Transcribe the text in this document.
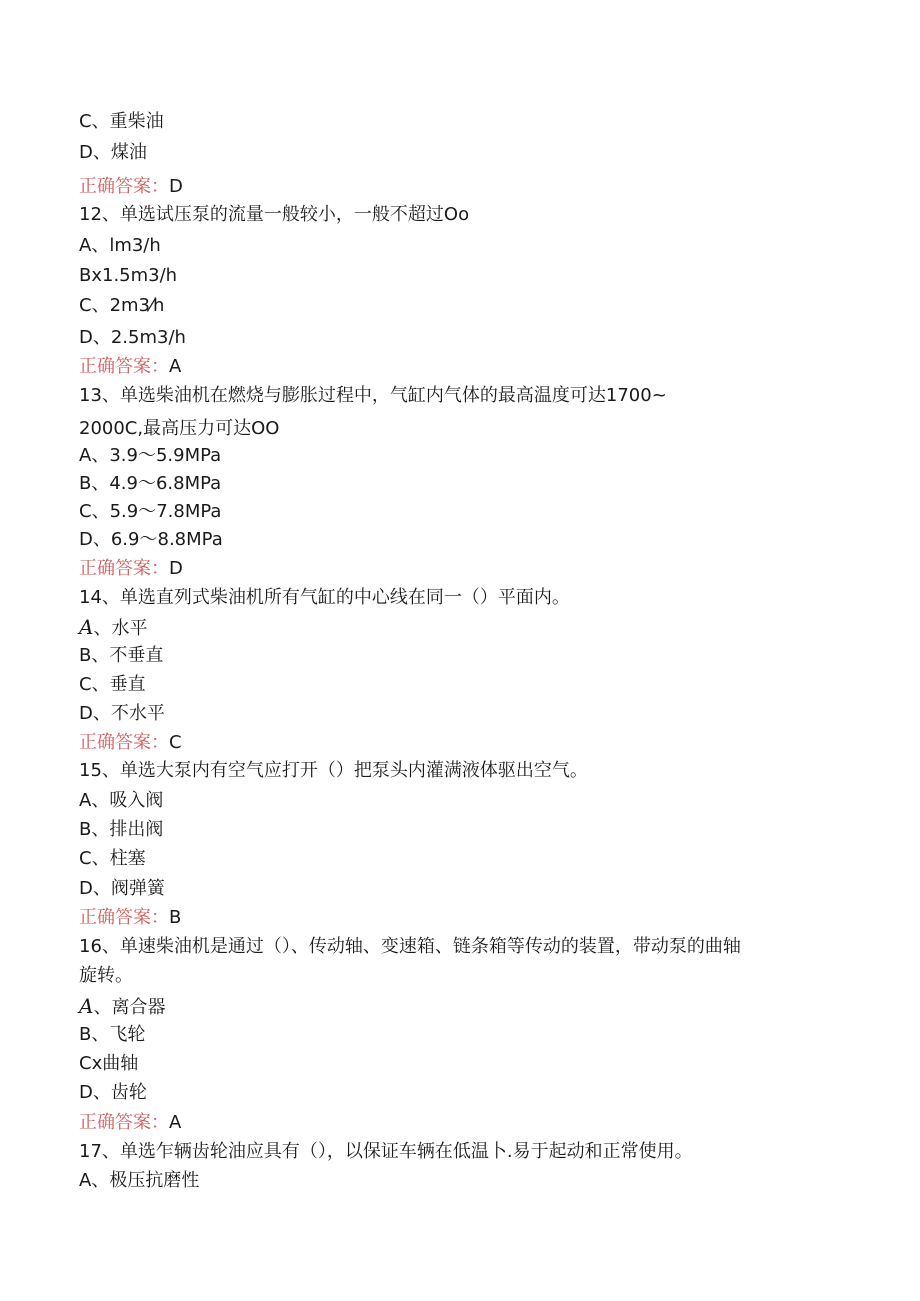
C、重柴油
D、煤油
正确答案：D
12、单选试压泵的流量一般较小，一般不超过Oo
A、lm3/h
Bx1.5m3/h
C、2m3⁄h
D、2.5m3/h
正确答案：A
13、单选柴油机在燃烧与膨胀过程中，气缸内气体的最高温度可达1700~
2000C,最高压力可达OO
A、3.9～5.9MPa
B、4.9～6.8MPa
C、5.9～7.8MPa
D、6.9～8.8MPa
正确答案：D
14、单选直列式柴油机所有气缸的中心线在同一（）平面内。
A、水平
B、不垂直
C、垂直
D、不水平
正确答案：C
15、单选大泵内有空气应打开（）把泵头内灌满液体驱出空气。
A、吸入阀
B、排出阀
C、柱塞
D、阀弹簧
正确答案：B
16、单速柴油机是通过（）、传动轴、变速箱、链条箱等传动的装置，带动泵的曲轴
旋转。
A、离合器
B、飞轮
Cx曲轴
D、齿轮
正确答案：A
17、单选乍辆齿轮油应具有（），以保证车辆在低温卜.易于起动和正常使用。
A、极压抗磨性
